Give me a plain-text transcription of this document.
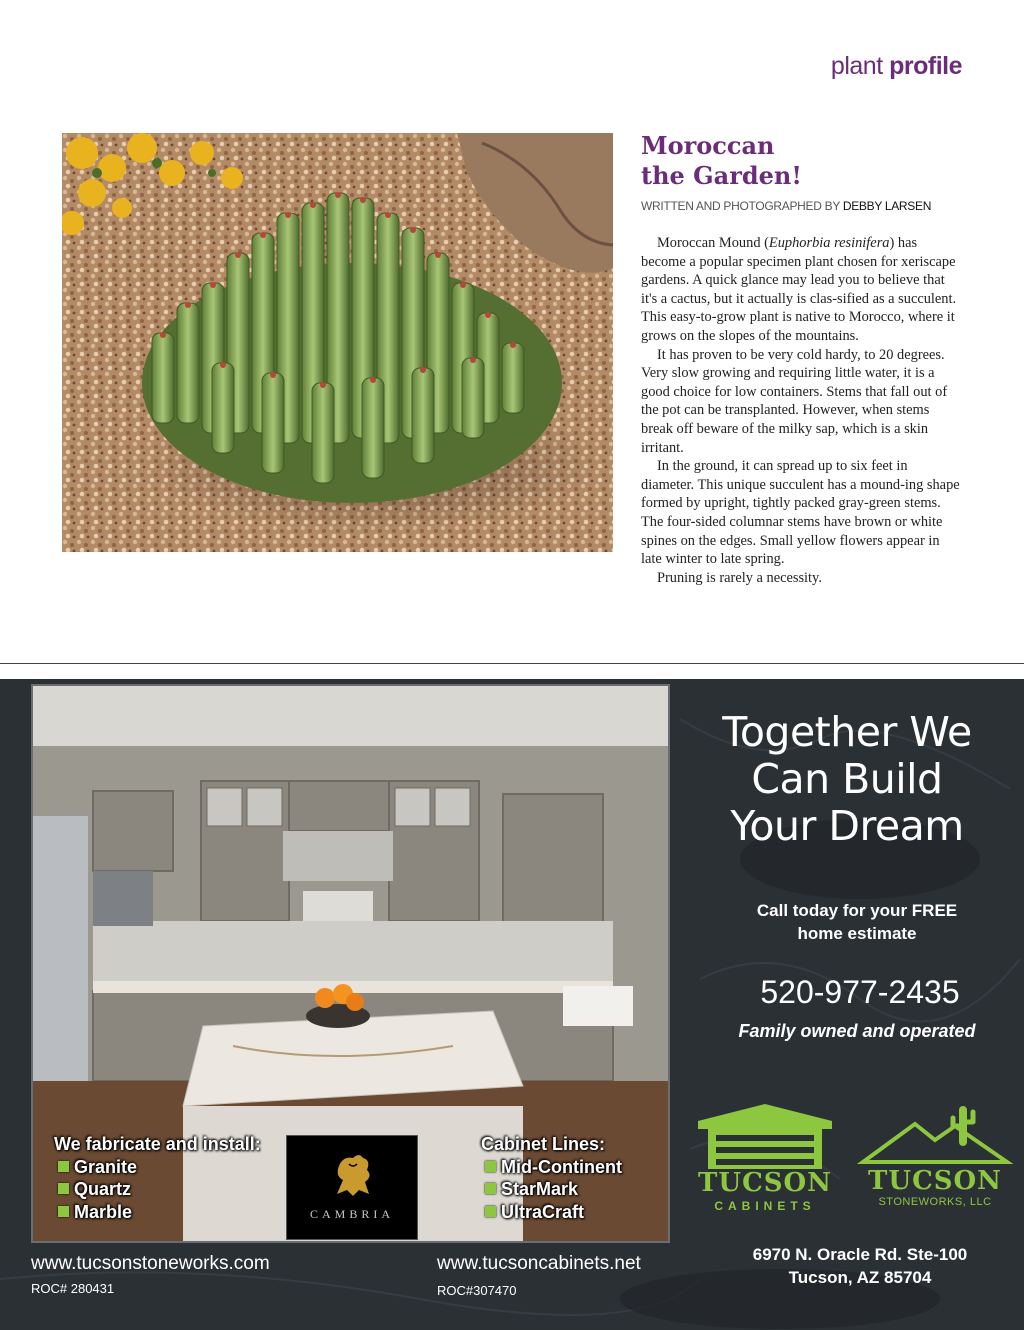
plant profile
Moroccan
the Garden!
WRITTEN AND PHOTOGRAPHED BY DEBBY LARSEN

Moroccan Mound (Euphorbia resinifera) has become a popular specimen plant chosen for xeriscape gardens. A quick glance may lead you to believe that it's a cactus, but it actually is clas-sified as a succulent. This easy-to-grow plant is native to Morocco, where it grows on the slopes of the mountains.

It has proven to be very cold hardy, to 20 degrees. Very slow growing and requiring little water, it is a good choice for low containers. Stems that fall out of the pot can be transplanted. However, when stems break off beware of the milky sap, which is a skin irritant.

In the ground, it can spread up to six feet in diameter. This unique succulent has a mound-ing shape formed by upright, tightly packed gray-green stems. The four-sided columnar stems have brown or white spines on the edges. Small yellow flowers appear in late winter to late spring.

Pruning is rarely a necessity.

We fabricate and install:
Granite
Quartz
Marble	CAMBRIA
Cabinet Lines:
Mid-Continent
StarMark
UltraCraft
Together We
Can Build
Your Dream
Call today for your FREE
home estimate
520-977-2435
Family owned and operated
TUCSON
CABINETS
TUCSON
STONEWORKS, LLC
6970 N. Oracle Rd. Ste-100
Tucson, AZ 85704
www.tucsonstoneworks.com
ROC# 280431
www.tucsoncabinets.net
ROC#307470
